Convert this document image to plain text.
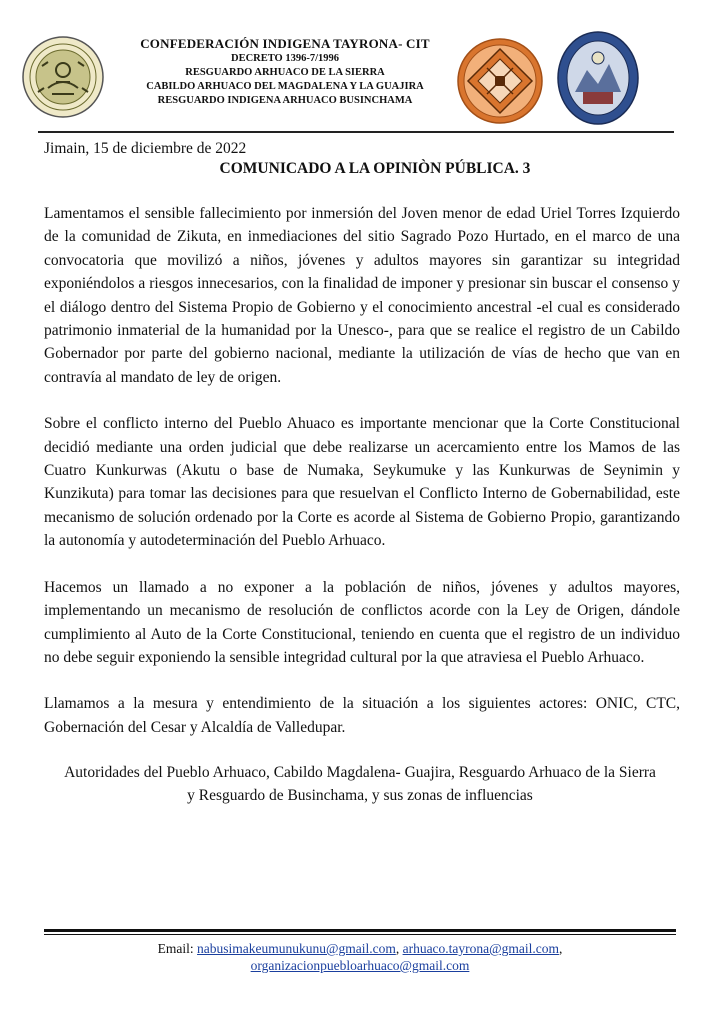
CONFEDERACIÓN INDIGENA TAYRONA- CIT
DECRETO 1396-7/1996
RESGUARDO ARHUACO DE LA SIERRA
CABILDO ARHUACO DEL MAGDALENA Y LA GUAJIRA
RESGUARDO INDIGENA ARHUACO BUSINCHAMA
Jimain, 15 de diciembre de 2022
COMUNICADO A LA OPINIÒN PÚBLICA. 3

Lamentamos el sensible fallecimiento por inmersión del Joven menor de edad Uriel Torres Izquierdo de la comunidad de Zikuta, en inmediaciones del sitio Sagrado Pozo Hurtado, en el marco de una convocatoria que movilizó a niños, jóvenes y adultos mayores sin garantizar su integridad exponiéndolos a riesgos innecesarios, con la finalidad de imponer y presionar sin buscar el consenso y el diálogo dentro del Sistema Propio de Gobierno y el conocimiento ancestral -el cual es considerado patrimonio inmaterial de la humanidad por la Unesco-, para que se realice el registro de un Cabildo Gobernador por parte del gobierno nacional, mediante la utilización de vías de hecho que van en contravía al mandato de ley de origen.

Sobre el conflicto interno del Pueblo Ahuaco es importante mencionar que la Corte Constitucional decidió mediante una orden judicial que debe realizarse un acercamiento entre los Mamos de las Cuatro Kunkurwas (Akutu o base de Numaka, Seykumuke y las Kunkurwas de Seynimin y Kunzikuta) para tomar las decisiones para que resuelvan el Conflicto Interno de Gobernabilidad, este mecanismo de solución ordenado por la Corte es acorde al Sistema de Gobierno Propio, garantizando la autonomía y autodeterminación del Pueblo Arhuaco.

Hacemos un llamado a no exponer a la población de niños, jóvenes y adultos mayores, implementando un mecanismo de resolución de conflictos acorde con la Ley de Origen, dándole cumplimiento al Auto de la Corte Constitucional, teniendo en cuenta que el registro de un individuo no debe seguir exponiendo la sensible integridad cultural por la que atraviesa el Pueblo Arhuaco.

Llamamos a la mesura y entendimiento de la situación a los siguientes actores: ONIC, CTC, Gobernación del Cesar y Alcaldía de Valledupar.

Autoridades del Pueblo Arhuaco, Cabildo Magdalena- Guajira, Resguardo Arhuaco de la Sierra
y Resguardo de Businchama, y sus zonas de influencias
Email: nabusimakeumunukunu@gmail.com, arhuaco.tayrona@gmail.com,
organizacionpuebloarhuaco@gmail.com
